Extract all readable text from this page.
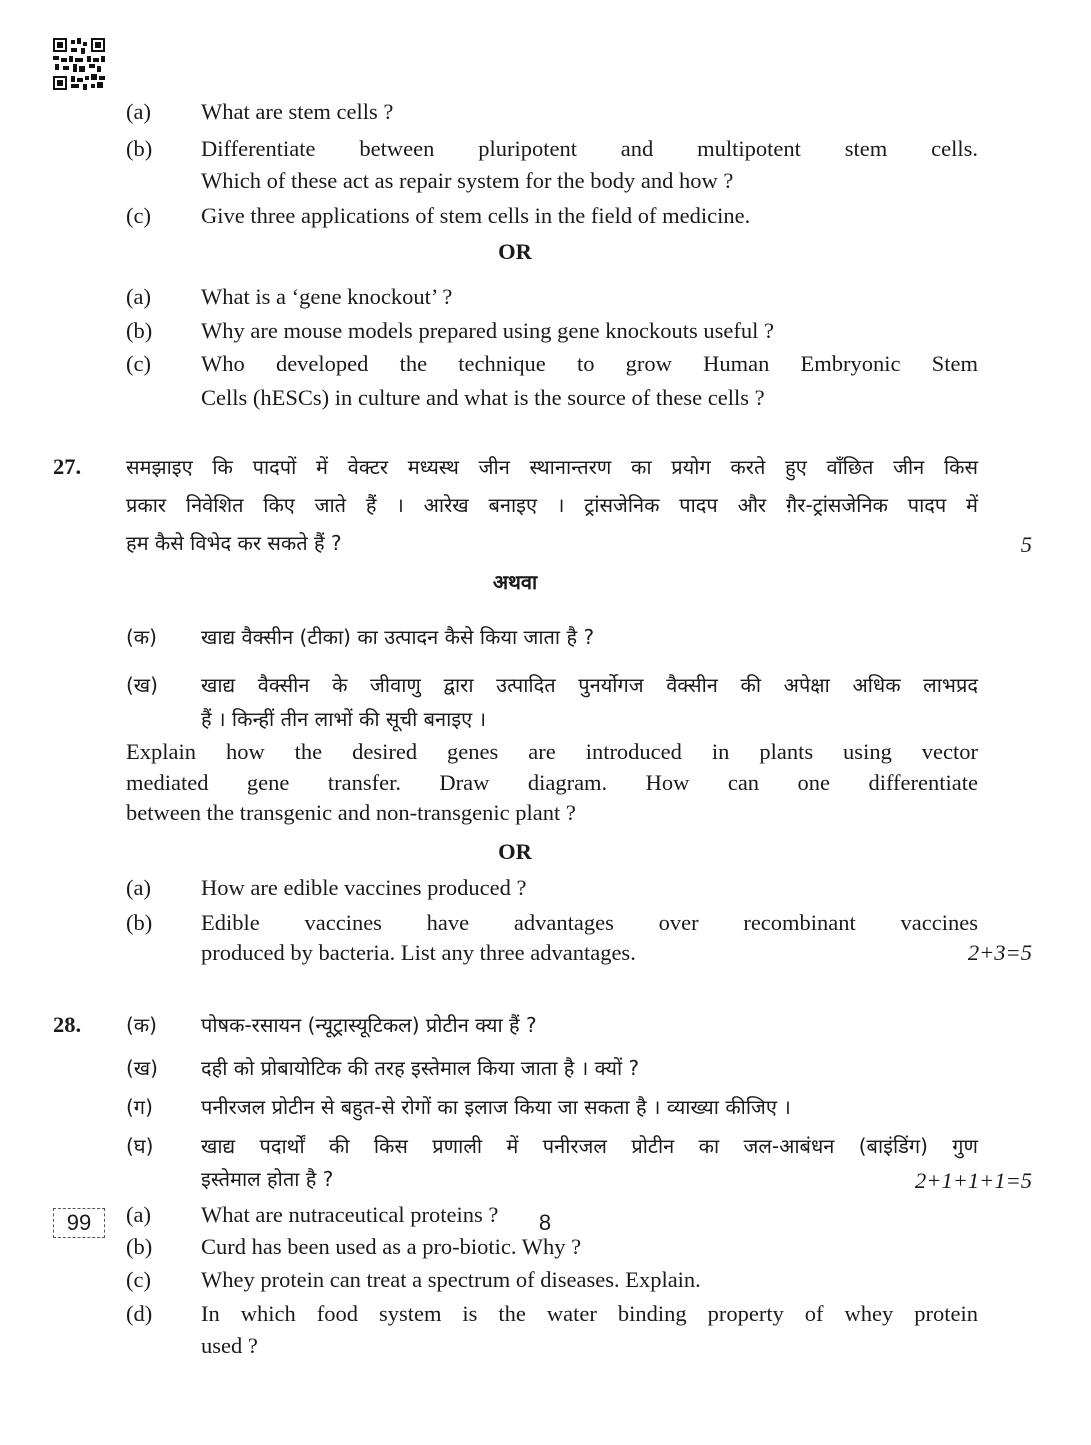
(a) What are stem cells ?
(b) Differentiate between pluripotent and multipotent stem cells.
Which of these act as repair system for the body and how ?
(c) Give three applications of stem cells in the field of medicine.
OR
(a) What is a ‘gene knockout’ ?
(b) Why are mouse models prepared using gene knockouts useful ?
(c) Who developed the technique to grow Human Embryonic Stem
Cells (hESCs) in culture and what is the source of these cells ?
27. समझाइए कि पादपों में वेक्टर मध्यस्थ जीन स्थानान्तरण का प्रयोग करते हुए वाँछित जीन किस
प्रकार निवेशित किए जाते हैं । आरेख बनाइए । ट्रांसजेनिक पादप और ग़ैर-ट्रांसजेनिक पादप में
हम कैसे विभेद कर सकते हैं ?	5
अथवा
(क) खाद्य वैक्सीन (टीका) का उत्पादन कैसे किया जाता है ?
(ख) खाद्य वैक्सीन के जीवाणु द्वारा उत्पादित पुनर्योगज वैक्सीन की अपेक्षा अधिक लाभप्रद
हैं । किन्हीं तीन लाभों की सूची बनाइए ।
Explain how the desired genes are introduced in plants using vector
mediated gene transfer. Draw diagram. How can one differentiate
between the transgenic and non-transgenic plant ?
OR
(a) How are edible vaccines produced ?
(b) Edible vaccines have advantages over recombinant vaccines
produced by bacteria. List any three advantages.	2+3=5
28. (क) पोषक-रसायन (न्यूट्रास्यूटिकल) प्रोटीन क्या हैं ?
(ख) दही को प्रोबायोटिक की तरह इस्तेमाल किया जाता है । क्यों ?
(ग) पनीरजल प्रोटीन से बहुत-से रोगों का इलाज किया जा सकता है । व्याख्या कीजिए ।
(घ) खाद्य पदार्थों की किस प्रणाली में पनीरजल प्रोटीन का जल-आबंधन (बाइंडिंग) गुण
इस्तेमाल होता है ?	2+1+1+1=5
(a) What are nutraceutical proteins ?
(b) Curd has been used as a pro-biotic. Why ?
(c) Whey protein can treat a spectrum of diseases. Explain.
(d) In which food system is the water binding property of whey protein
used ?
99	8
